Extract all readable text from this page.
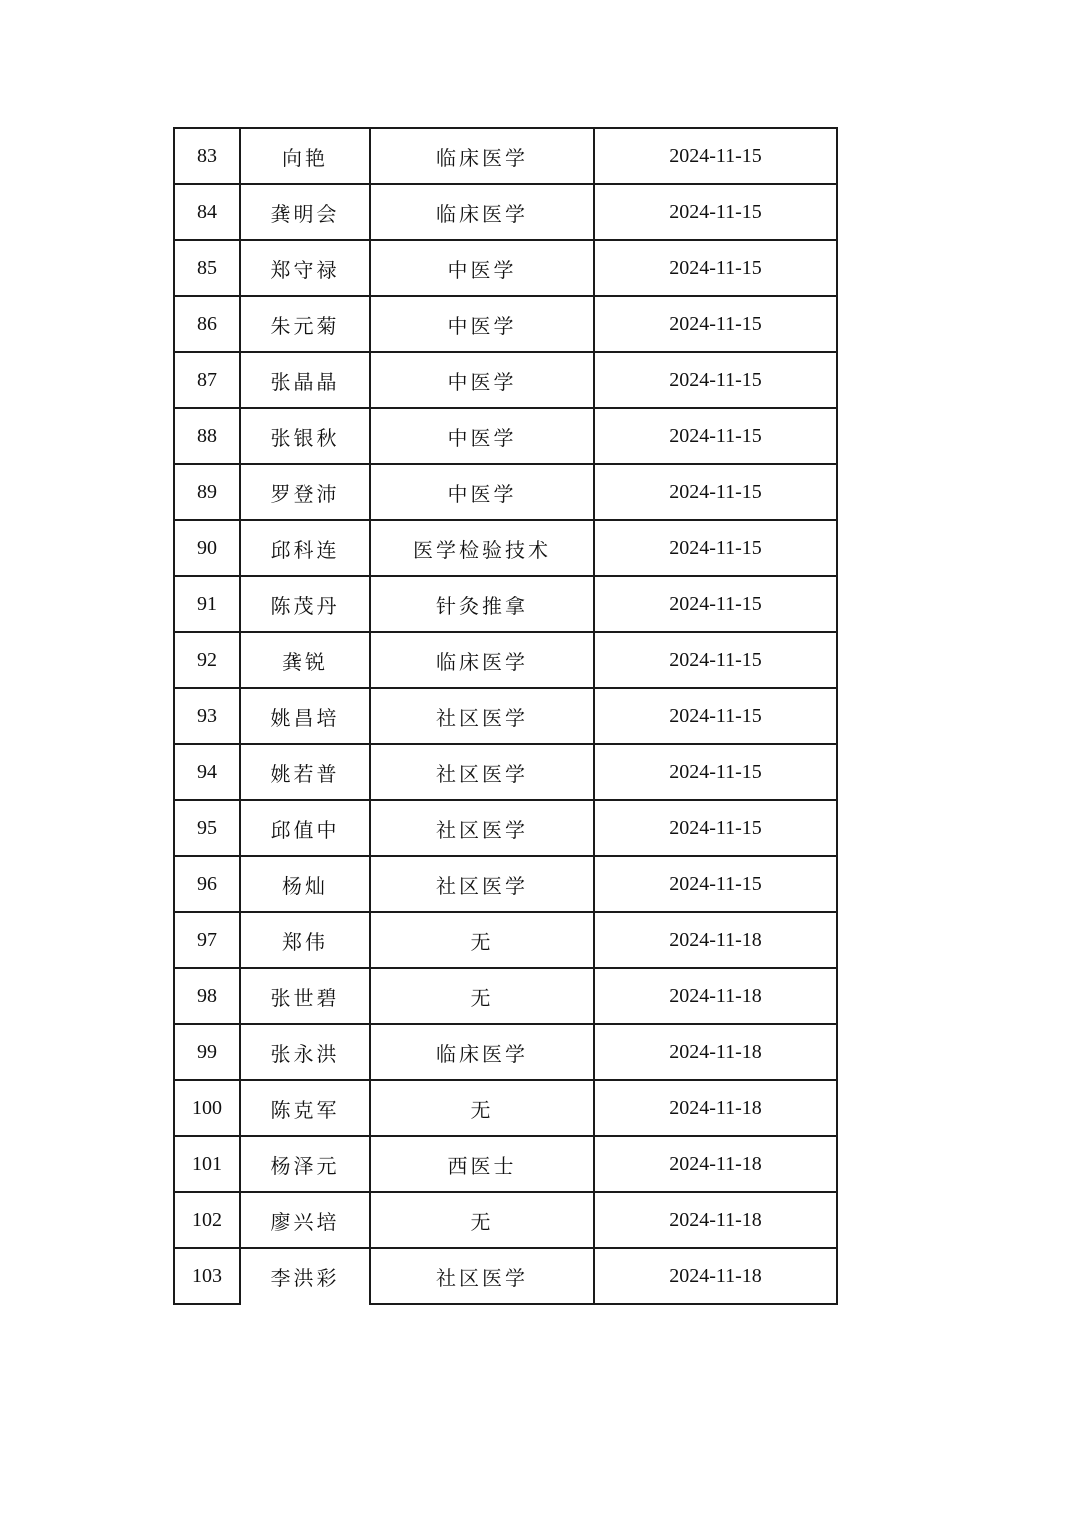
83	向艳	临床医学	2024-11-15
84	龚明会	临床医学	2024-11-15
85	郑守禄	中医学	2024-11-15
86	朱元菊	中医学	2024-11-15
87	张晶晶	中医学	2024-11-15
88	张银秋	中医学	2024-11-15
89	罗登沛	中医学	2024-11-15
90	邱科连	医学检验技术	2024-11-15
91	陈茂丹	针灸推拿	2024-11-15
92	龚锐	临床医学	2024-11-15
93	姚昌培	社区医学	2024-11-15
94	姚若普	社区医学	2024-11-15
95	邱值中	社区医学	2024-11-15
96	杨灿	社区医学	2024-11-15
97	郑伟	无	2024-11-18
98	张世碧	无	2024-11-18
99	张永洪	临床医学	2024-11-18
100	陈克军	无	2024-11-18
101	杨泽元	西医士	2024-11-18
102	廖兴培	无	2024-11-18
103	李洪彩	社区医学	2024-11-18
